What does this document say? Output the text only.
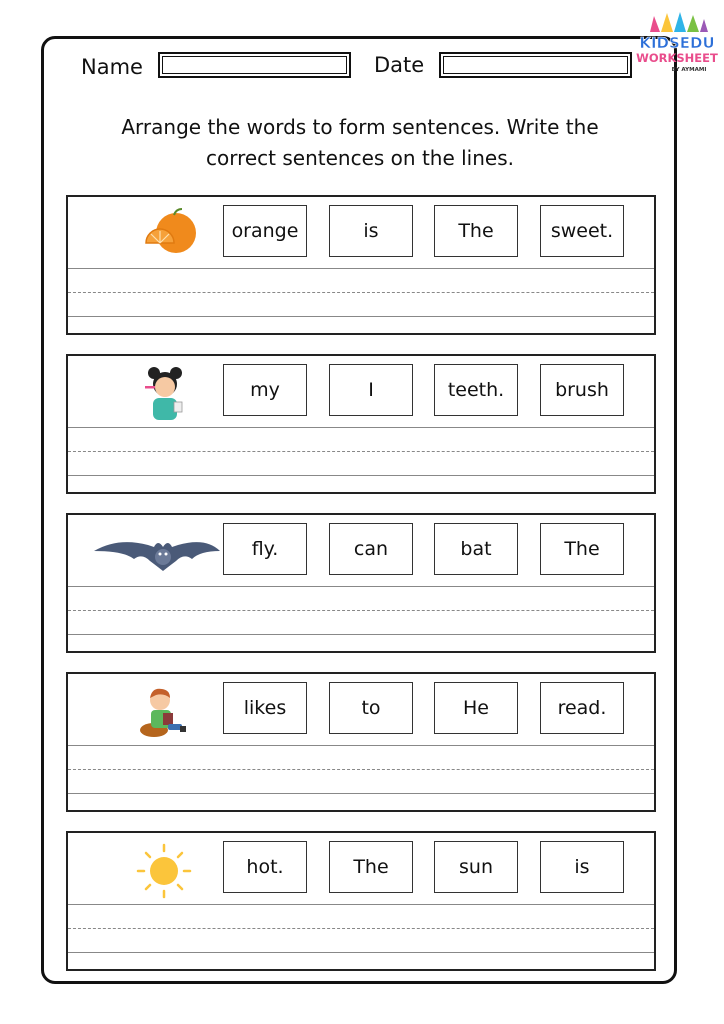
Name	Date
KIDSEDU
WORKSHEET
BY AYMAMI
Arrange the words to form sentences. Write the
correct sentences on the lines.
orange	is	The	sweet.
my	I	teeth.	brush
fly.	can	bat	The
likes	to	He	read.
hot.	The	sun	is
